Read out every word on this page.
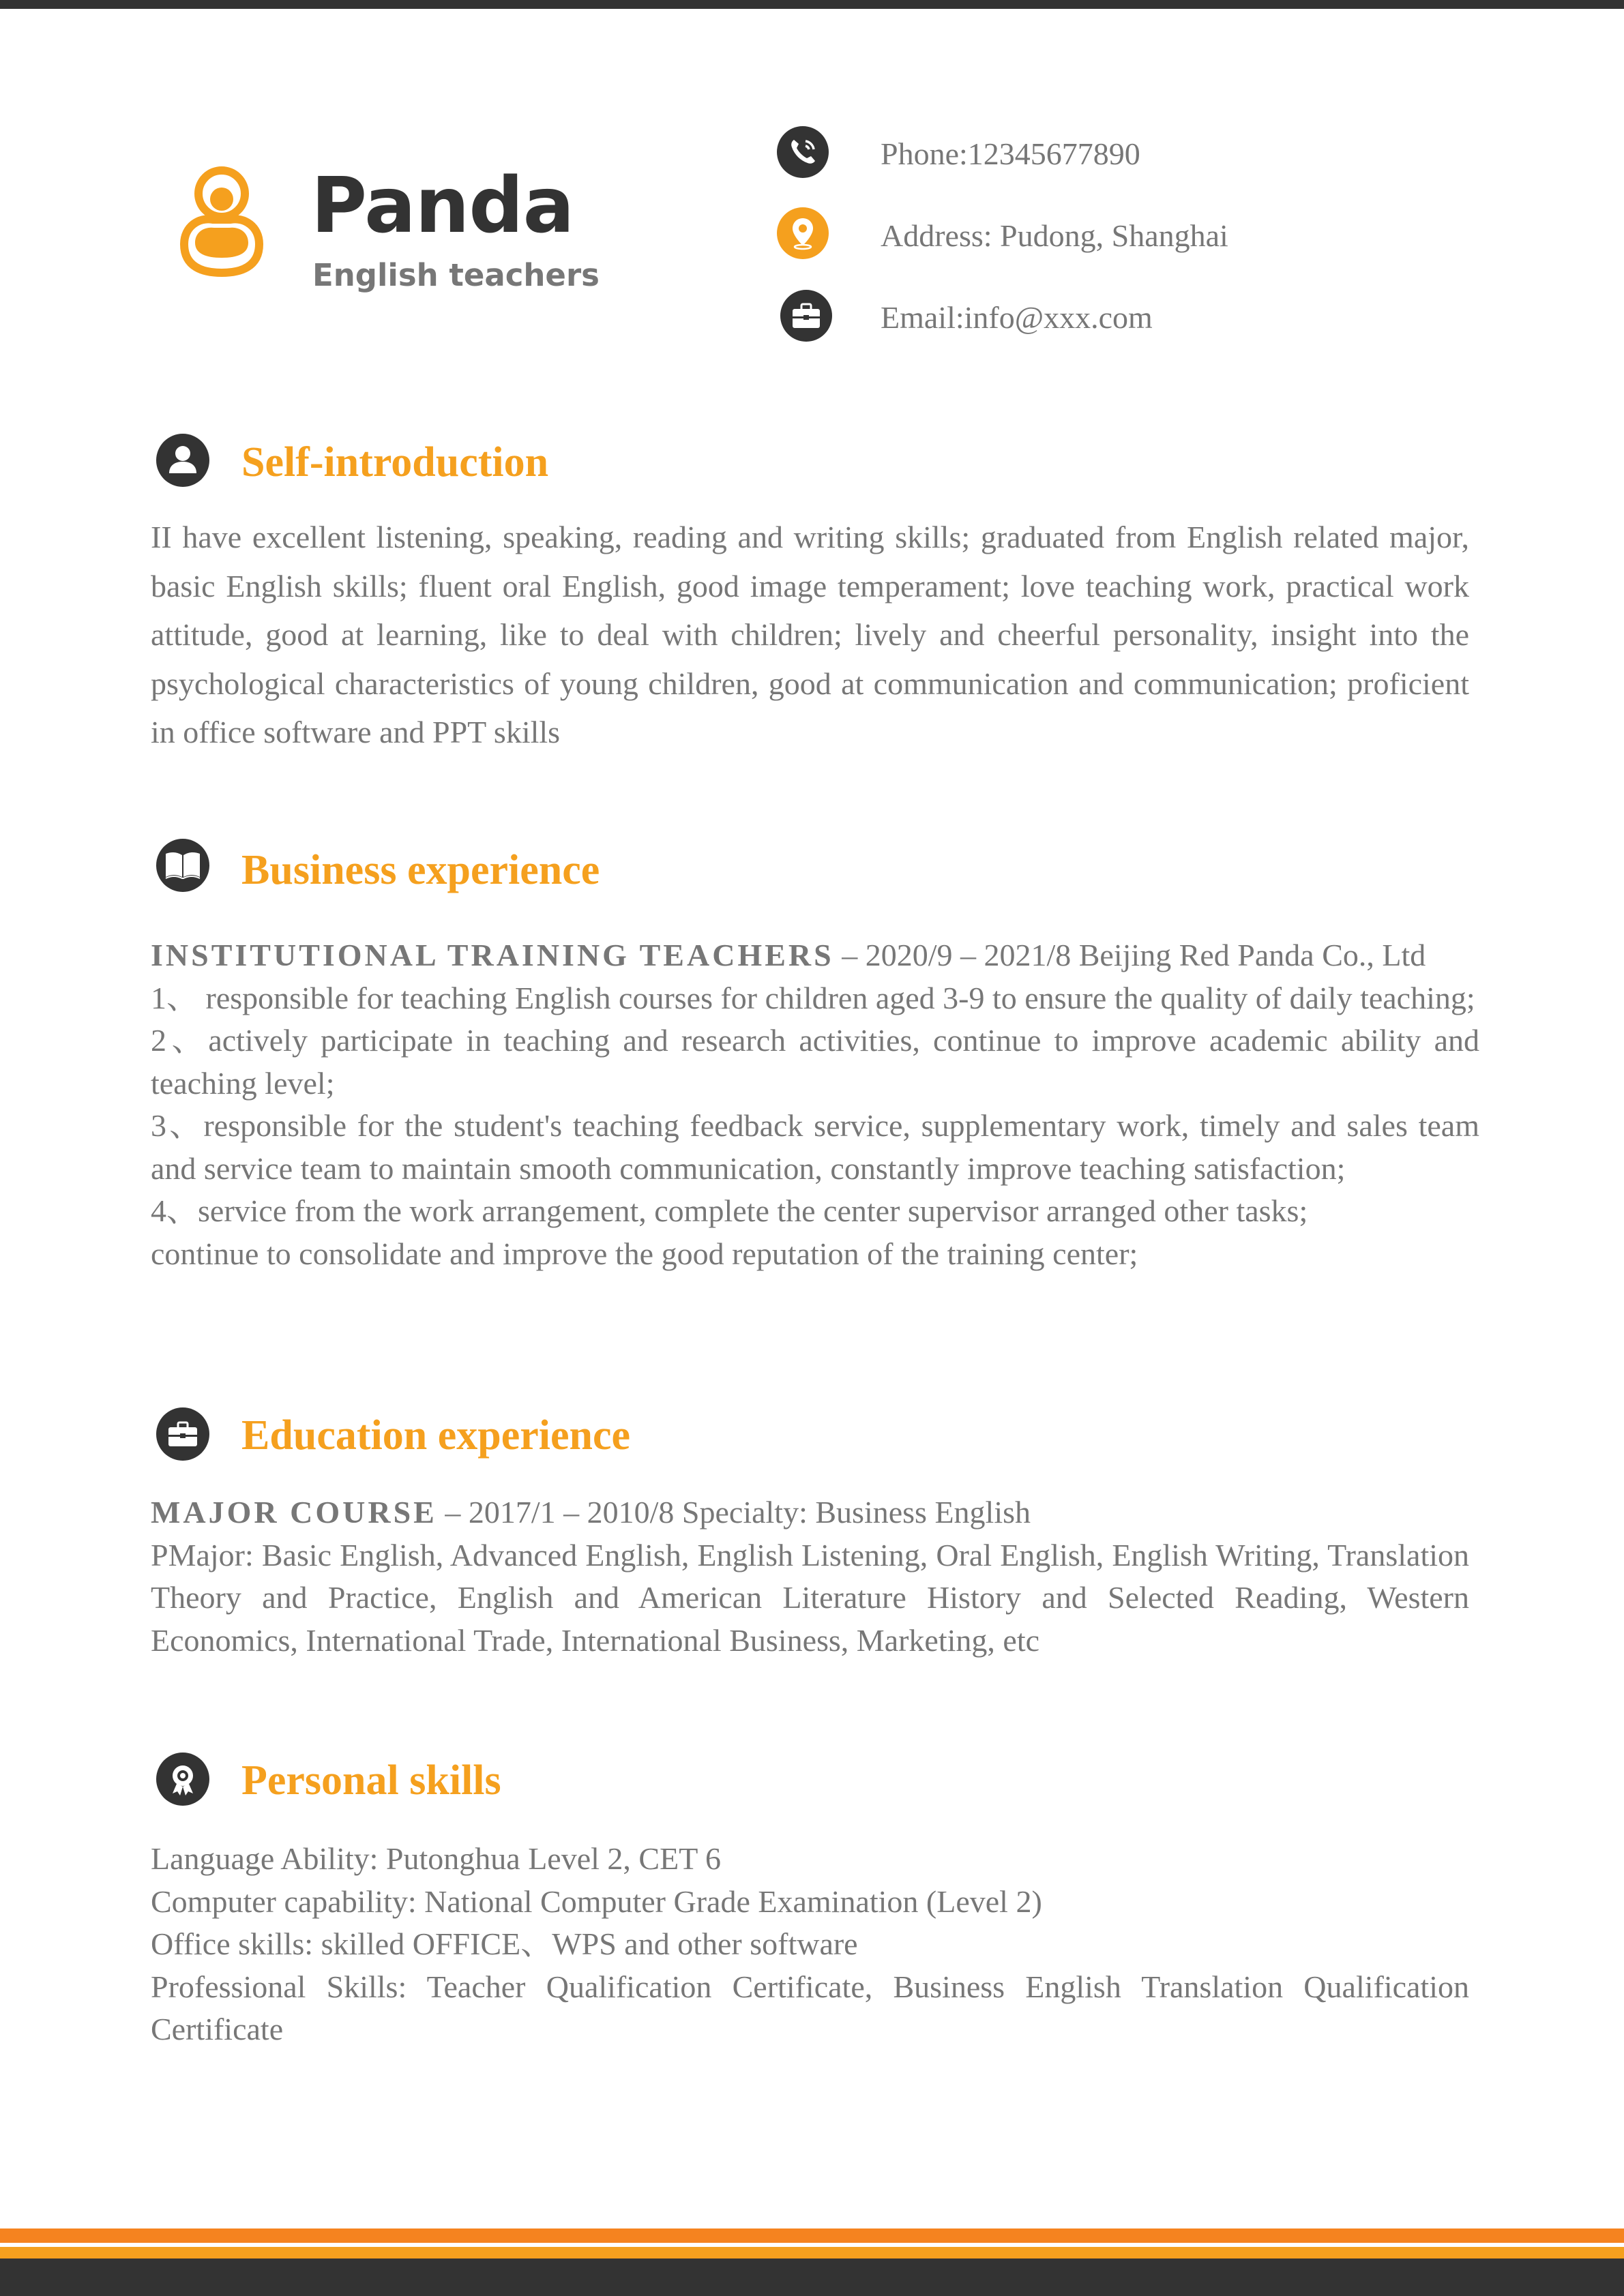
Panda
English teachers
Phone:12345677890
Address: Pudong, Shanghai
Email:info@xxx.com
Self-introduction

II have excellent listening, speaking, reading and writing skills; graduated from English related major, basic English skills; fluent oral English, good image temperament; love teaching work, practical work attitude, good at learning, like to deal with children; lively and cheerful personality, insight into the psychological characteristics of young children, good at communication and communication; proficient in office software and PPT skills

Business experience
INSTITUTIONAL TRAINING TEACHERS – 2020/9 – 2021/8 Beijing Red Panda Co., Ltd
1、 responsible for teaching English courses for children aged 3-9 to ensure the quality of daily teaching;
2、actively participate in teaching and research activities, continue to improve academic ability and teaching level;
3、responsible for the student's teaching feedback service, supplementary work, timely and sales team and service team to maintain smooth communication, constantly improve teaching satisfaction;
4、service from the work arrangement, complete the center supervisor arranged other tasks;
continue to consolidate and improve the good reputation of the training center;
Education experience
MAJOR COURSE – 2017/1 – 2010/8 Specialty: Business English
PMajor: Basic English, Advanced English, English Listening, Oral English, English Writing, Translation Theory and Practice, English and American Literature History and Selected Reading, Western Economics, International Trade, International Business, Marketing, etc
Personal skills
Language Ability: Putonghua Level 2, CET 6
Computer capability: National Computer Grade Examination (Level 2)
Office skills: skilled OFFICE、WPS and other software
Professional Skills: Teacher Qualification Certificate, Business English Translation Qualification Certificate
